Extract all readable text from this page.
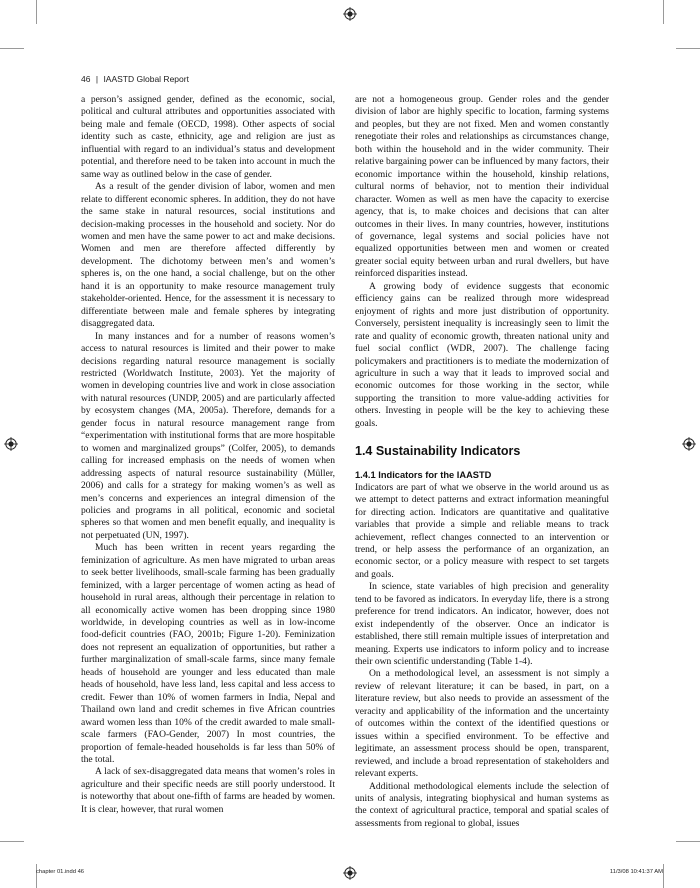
46 | IAASTD Global Report

a person’s assigned gender, defined as the economic, social, political and cultural attributes and opportunities associated with being male and female (OECD, 1998). Other aspects of social identity such as caste, ethnicity, age and religion are just as influential with regard to an individual’s status and development potential, and therefore need to be taken into account in much the same way as outlined below in the case of gender.

As a result of the gender division of labor, women and men relate to different economic spheres. In addition, they do not have the same stake in natural resources, social institutions and decision-making processes in the household and society. Nor do women and men have the same power to act and make decisions. Women and men are therefore affected differently by development. The dichotomy between men’s and women’s spheres is, on the one hand, a social challenge, but on the other hand it is an opportunity to make resource management truly stakeholder-oriented. Hence, for the assessment it is necessary to differentiate between male and female spheres by integrating disaggregated data.

In many instances and for a number of reasons women’s access to natural resources is limited and their power to make decisions regarding natural resource management is socially restricted (Worldwatch Institute, 2003). Yet the majority of women in developing countries live and work in close association with natural resources (UNDP, 2005) and are particularly affected by ecosystem changes (MA, 2005a). Therefore, demands for a gender focus in natural resource management range from “experimentation with institutional forms that are more hospitable to women and marginalized groups” (Colfer, 2005), to demands calling for increased emphasis on the needs of women when addressing aspects of natural resource sustainability (Müller, 2006) and calls for a strategy for making women’s as well as men’s concerns and experiences an integral dimension of the policies and programs in all political, economic and societal spheres so that women and men benefit equally, and inequality is not perpetuated (UN, 1997).

Much has been written in recent years regarding the feminization of agriculture. As men have migrated to urban areas to seek better livelihoods, small-scale farming has been gradually feminized, with a larger percentage of women acting as head of household in rural areas, although their percentage in relation to all economically active women has been dropping since 1980 worldwide, in developing countries as well as in low-income food-deficit countries (FAO, 2001b; Figure 1-20). Feminization does not represent an equalization of opportunities, but rather a further marginalization of small-scale farms, since many female heads of household are younger and less educated than male heads of household, have less land, less capital and less access to credit. Fewer than 10% of women farmers in India, Nepal and Thailand own land and credit schemes in five African countries award women less than 10% of the credit awarded to male small-scale farmers (FAO-Gender, 2007) In most countries, the proportion of female-headed households is far less than 50% of the total.

A lack of sex-disaggregated data means that women’s roles in agriculture and their specific needs are still poorly understood. It is noteworthy that about one-fifth of farms are headed by women. It is clear, however, that rural women

are not a homogeneous group. Gender roles and the gender division of labor are highly specific to location, farming systems and peoples, but they are not fixed. Men and women constantly renegotiate their roles and relationships as circumstances change, both within the household and in the wider community. Their relative bargaining power can be influenced by many factors, their economic importance within the household, kinship relations, cultural norms of behavior, not to mention their individual character. Women as well as men have the capacity to exercise agency, that is, to make choices and decisions that can alter outcomes in their lives. In many countries, however, institutions of governance, legal systems and social policies have not equalized opportunities between men and women or created greater social equity between urban and rural dwellers, but have reinforced disparities instead.

A growing body of evidence suggests that economic efficiency gains can be realized through more widespread enjoyment of rights and more just distribution of opportunity. Conversely, persistent inequality is increasingly seen to limit the rate and quality of economic growth, threaten national unity and fuel social conflict (WDR, 2007). The challenge facing policymakers and practitioners is to mediate the modernization of agriculture in such a way that it leads to improved social and economic outcomes for those working in the sector, while supporting the transition to more value-adding activities for others. Investing in people will be the key to achieving these goals.

1.4 Sustainability Indicators
1.4.1 Indicators for the IAASTD

Indicators are part of what we observe in the world around us as we attempt to detect patterns and extract information meaningful for directing action. Indicators are quantitative and qualitative variables that provide a simple and reliable means to track achievement, reflect changes connected to an intervention or trend, or help assess the performance of an organization, an economic sector, or a policy measure with respect to set targets and goals.

In science, state variables of high precision and generality tend to be favored as indicators. In everyday life, there is a strong preference for trend indicators. An indicator, however, does not exist independently of the observer. Once an indicator is established, there still remain multiple issues of interpretation and meaning. Experts use indicators to inform policy and to increase their own scientific understanding (Table 1-4).

On a methodological level, an assessment is not simply a review of relevant literature; it can be based, in part, on a literature review, but also needs to provide an assessment of the veracity and applicability of the information and the uncertainty of outcomes within the context of the identified questions or issues within a specified environment. To be effective and legitimate, an assessment process should be open, transparent, reviewed, and include a broad representation of stakeholders and relevant experts.

Additional methodological elements include the selection of units of analysis, integrating biophysical and human systems as the context of agricultural practice, temporal and spatial scales of assessments from regional to global, issues

chapter 01.indd 46	11/3/08 10:41:37 AM
